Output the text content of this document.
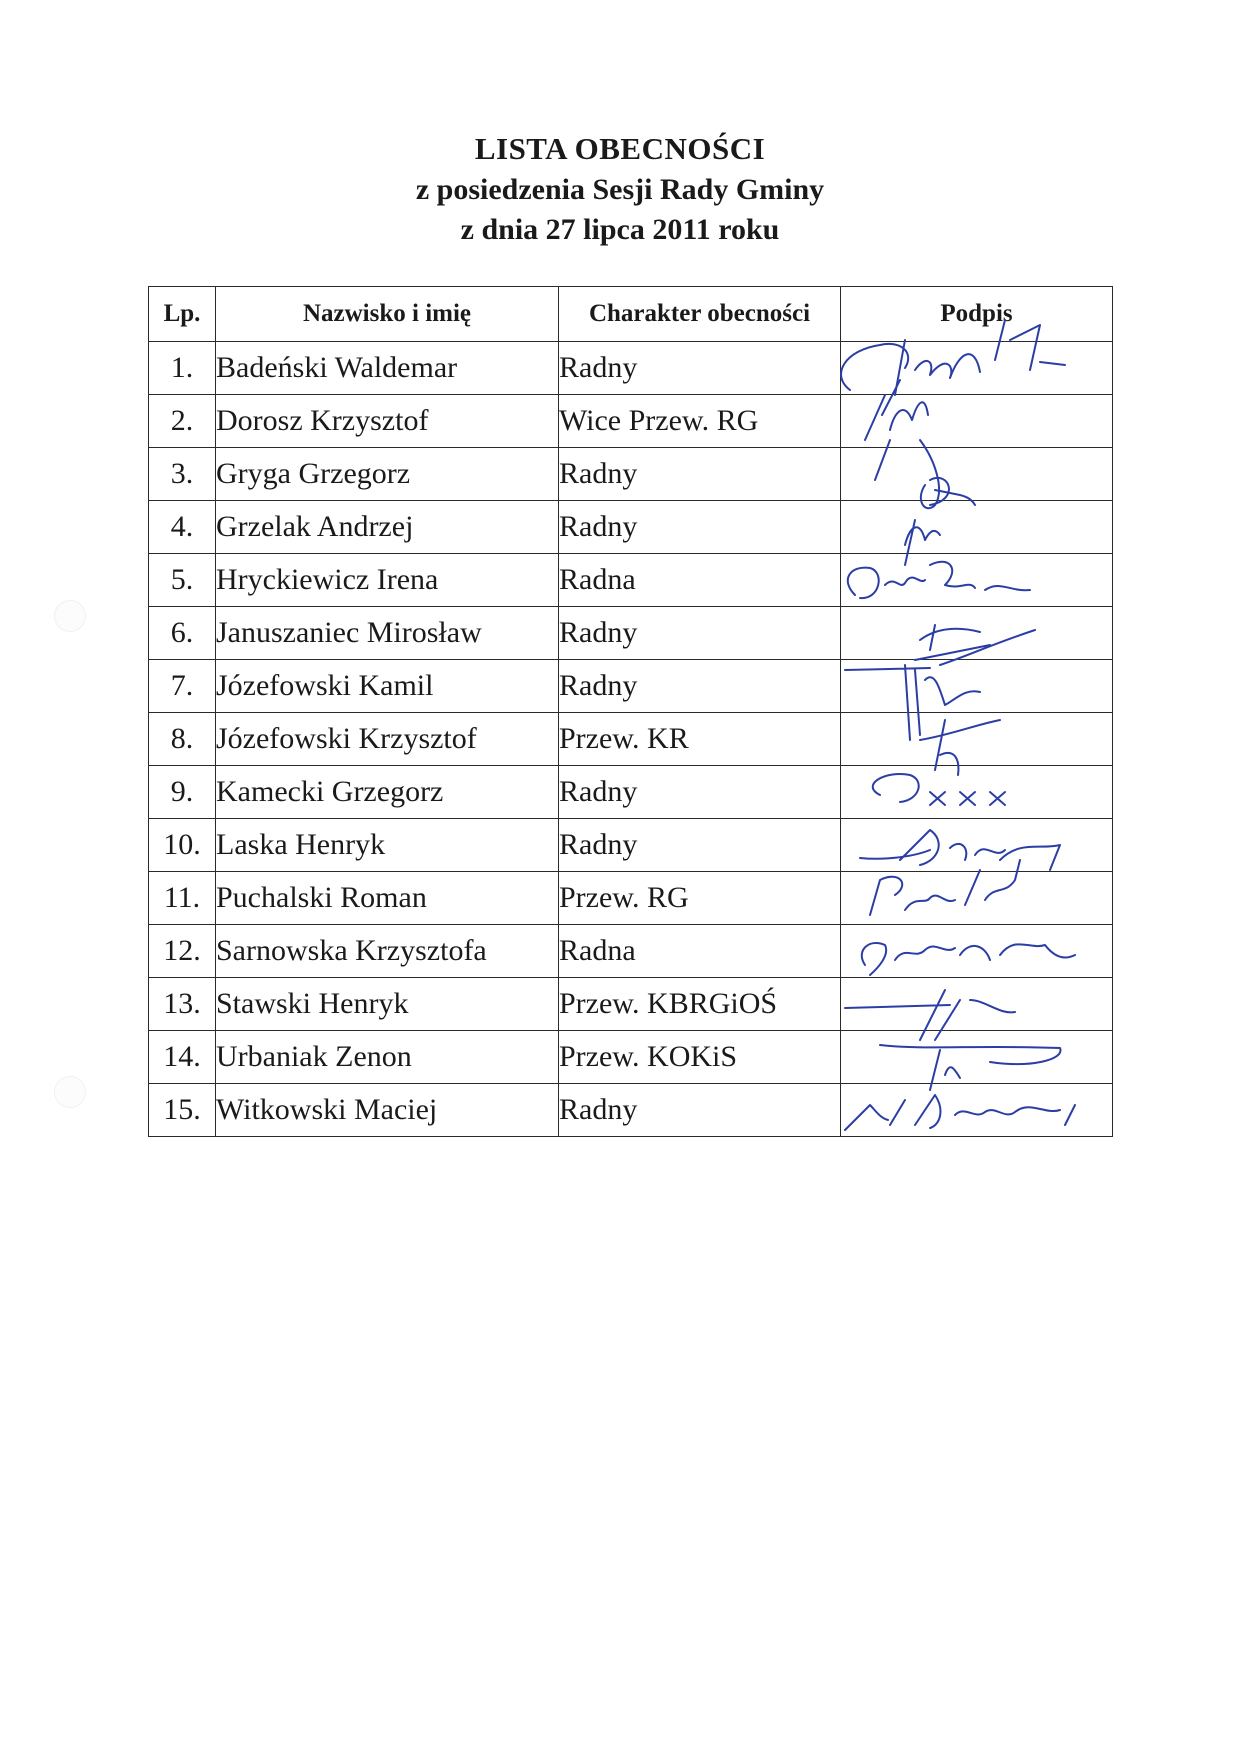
LISTA OBECNOŚCI
z posiedzenia Sesji Rady Gminy
z dnia 27 lipca 2011 roku
Lp.	Nazwisko i imię	Charakter obecności	Podpis
1.	Badeński Waldemar	Radny	
2.	Dorosz Krzysztof	Wice Przew. RG	
3.	Gryga Grzegorz	Radny	
4.	Grzelak Andrzej	Radny	
5.	Hryckiewicz Irena	Radna	
6.	Januszaniec Mirosław	Radny	
7.	Józefowski Kamil	Radny	
8.	Józefowski Krzysztof	Przew. KR	
9.	Kamecki Grzegorz	Radny	
10.	Laska Henryk	Radny	
11.	Puchalski Roman	Przew. RG	
12.	Sarnowska Krzysztofa	Radna	
13.	Stawski Henryk	Przew. KBRGiOŚ	
14.	Urbaniak Zenon	Przew. KOKiS	
15.	Witkowski Maciej	Radny	
